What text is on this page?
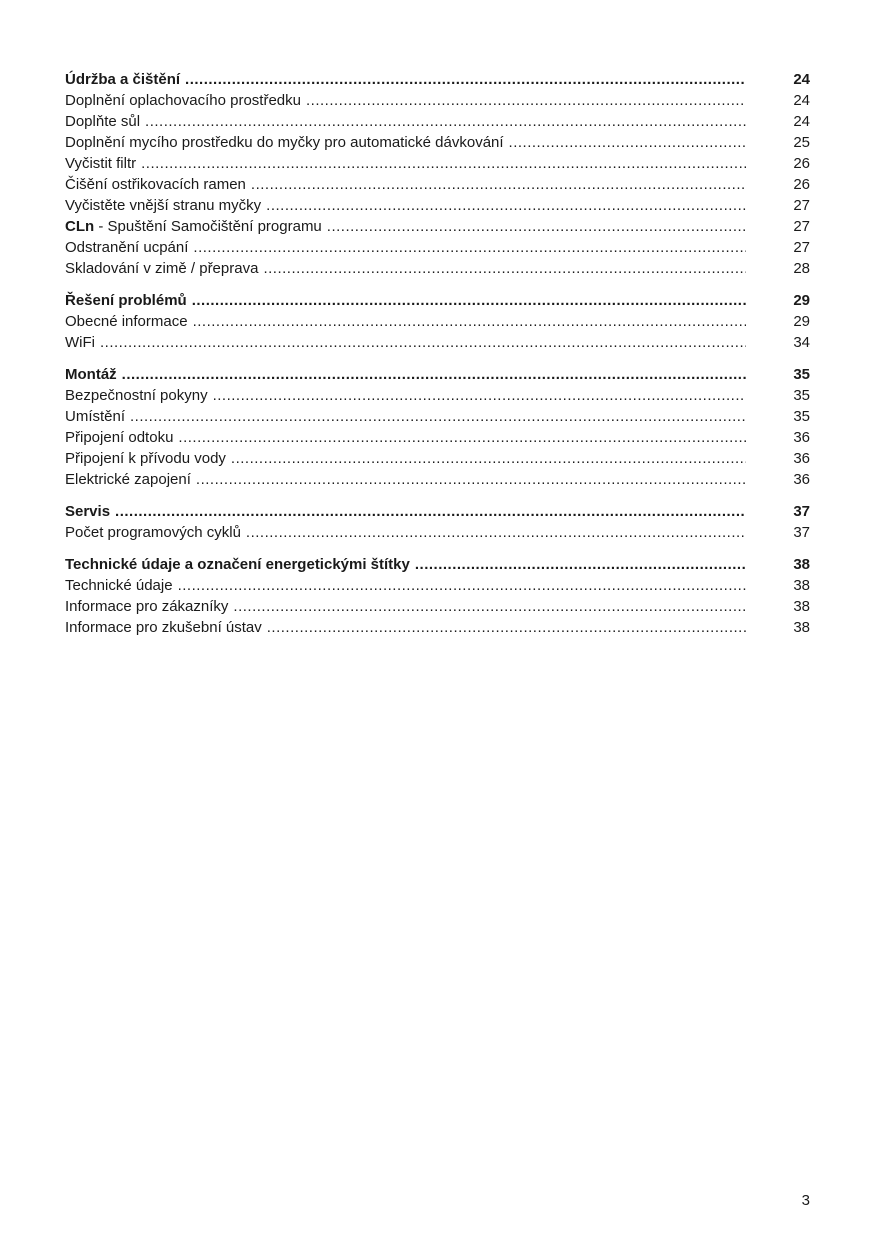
Údržba a čištění .....	24
Doplnění oplachovacího prostředku .....	24
Doplňte sůl .....	24
Doplnění mycího prostředku do myčky pro automatické dávkování .....	25
Vyčistit filtr .....	26
Čišění ostřikovacích ramen .....	26
Vyčistěte vnější stranu myčky .....	27
CLn - Spuštění Samočištění programu .....	27
Odstranění ucpání .....	27
Skladování v zimě / přeprava .....	28
Řešení problémů .....	29
Obecné informace .....	29
WiFi .....	34
Montáž .....	35
Bezpečnostní pokyny .....	35
Umístění .....	35
Připojení odtoku .....	36
Připojení k přívodu vody .....	36
Elektrické zapojení .....	36
Servis .....	37
Počet programových cyklů .....	37
Technické údaje a označení energetickými štítky .....	38
Technické údaje .....	38
Informace pro zákazníky .....	38
Informace pro zkušební ústav .....	38
3
